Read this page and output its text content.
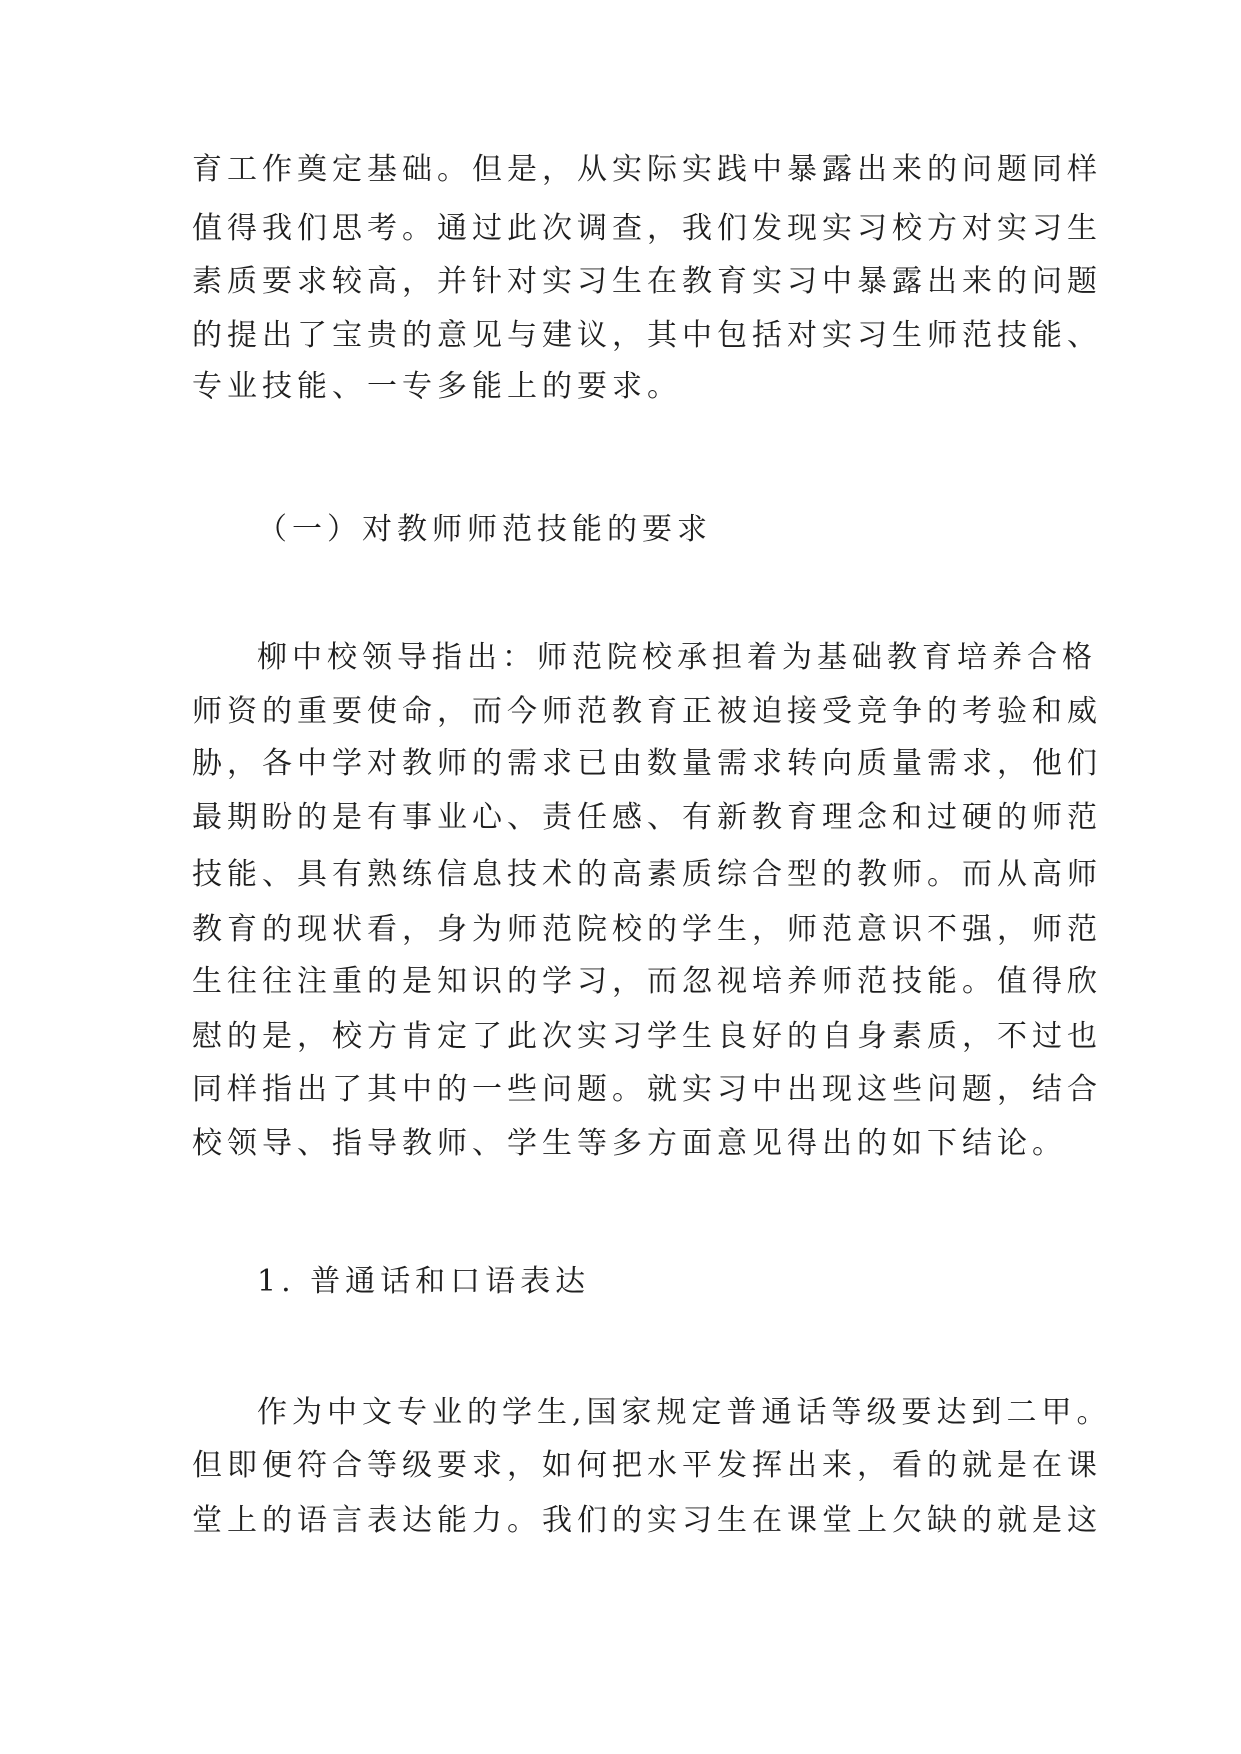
育工作奠定基础。但是，从实际实践中暴露出来的问题同样
值得我们思考。通过此次调查，我们发现实习校方对实习生
素质要求较高，并针对实习生在教育实习中暴露出来的问题
的提出了宝贵的意见与建议，其中包括对实习生师范技能、
专业技能、一专多能上的要求。
（一）对教师师范技能的要求
柳中校领导指出：师范院校承担着为基础教育培养合格
师资的重要使命，而今师范教育正被迫接受竞争的考验和威
胁，各中学对教师的需求已由数量需求转向质量需求，他们
最期盼的是有事业心、责任感、有新教育理念和过硬的师范
技能、具有熟练信息技术的高素质综合型的教师。而从高师
教育的现状看，身为师范院校的学生，师范意识不强，师范
生往往注重的是知识的学习，而忽视培养师范技能。值得欣
慰的是，校方肯定了此次实习学生良好的自身素质，不过也
同样指出了其中的一些问题。就实习中出现这些问题，结合
校领导、指导教师、学生等多方面意见得出的如下结论。
1. 普通话和口语表达
作为中文专业的学生,国家规定普通话等级要达到二甲。
但即便符合等级要求，如何把水平发挥出来，看的就是在课
堂上的语言表达能力。我们的实习生在课堂上欠缺的就是这
